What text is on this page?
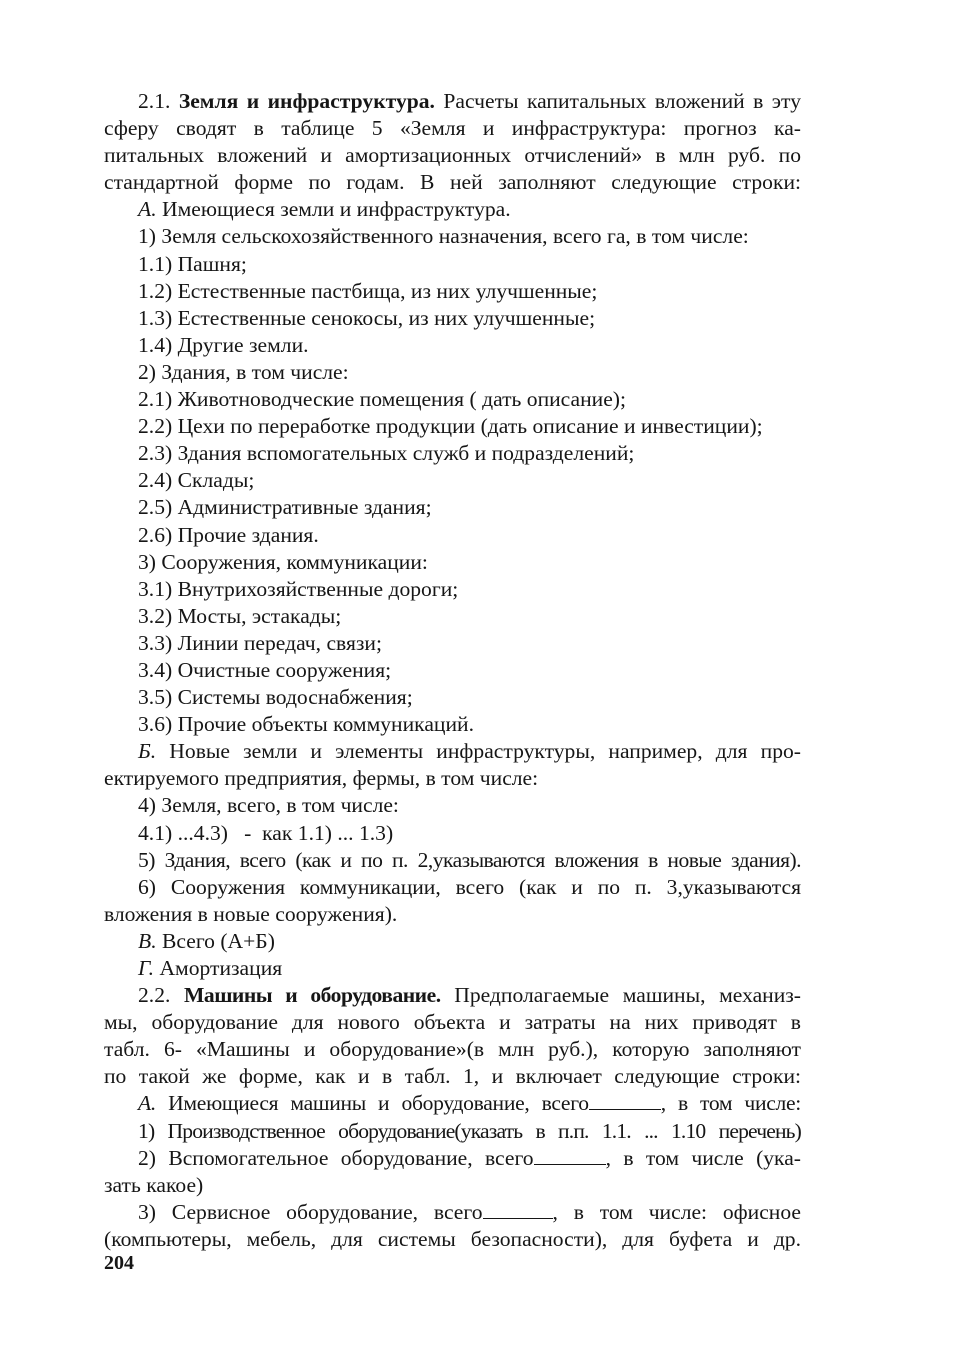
2.1. Земля и инфраструктура. Расчеты капитальных вложений в эту
сферу сводят в таблице 5 «Земля и инфраструктура: прогноз ка-
питальных вложений и амортизационных отчислений» в млн руб. по
стандартной форме по годам. В ней заполняют следующие строки:
А. Имеющиеся земли и инфраструктура.
1) Земля сельскохозяйственного назначения, всего га, в том числе:
1.1) Пашня;
1.2) Естественные пастбища, из них улучшенные;
1.3) Естественные сенокосы, из них улучшенные;
1.4) Другие земли.
2) Здания, в том числе:
2.1) Животноводческие помещения ( дать описание);
2.2) Цехи по переработке продукции (дать описание и инвестиции);
2.3) Здания вспомогательных служб и подразделений;
2.4) Склады;
2.5) Административные здания;
2.6) Прочие здания.
3) Сооружения, коммуникации:
3.1) Внутрихозяйственные дороги;
3.2) Мосты, эстакады;
3.3) Линии передач, связи;
3.4) Очистные сооружения;
3.5) Системы водоснабжения;
3.6) Прочие объекты коммуникаций.
Б. Новые земли и элементы инфраструктуры, например, для про-
ектируемого предприятия, фермы, в том числе:
4) Земля, всего, в том числе:
4.1) ...4.3)   -  как 1.1) ... 1.3)
5) Здания, всего (как и по п. 2,указываются вложения в новые здания).
6) Сооружения коммуникации, всего (как и по п. 3,указываются
вложения в новые сооружения).
В. Всего (А+Б)
Г. Амортизация
2.2. Машины и оборудование. Предполагаемые машины, механиз-
мы, оборудование для нового объекта и затраты на них приводят в
табл. 6- «Машины и оборудование»(в млн руб.), которую заполняют
по такой же форме, как и в табл. 1, и включает следующие строки:
А. Имеющиеся машины и оборудование, всего	, в том числе:
1) Производственное оборудование(указать в п.п. 1.1. ... 1.10 перечень)
2) Вспомогательное оборудование, всего	, в том числе (ука-
зать какое)
3) Сервисное оборудование, всего	, в том числе: офисное
(компьютеры, мебель, для системы безопасности), для буфета и др.
204
